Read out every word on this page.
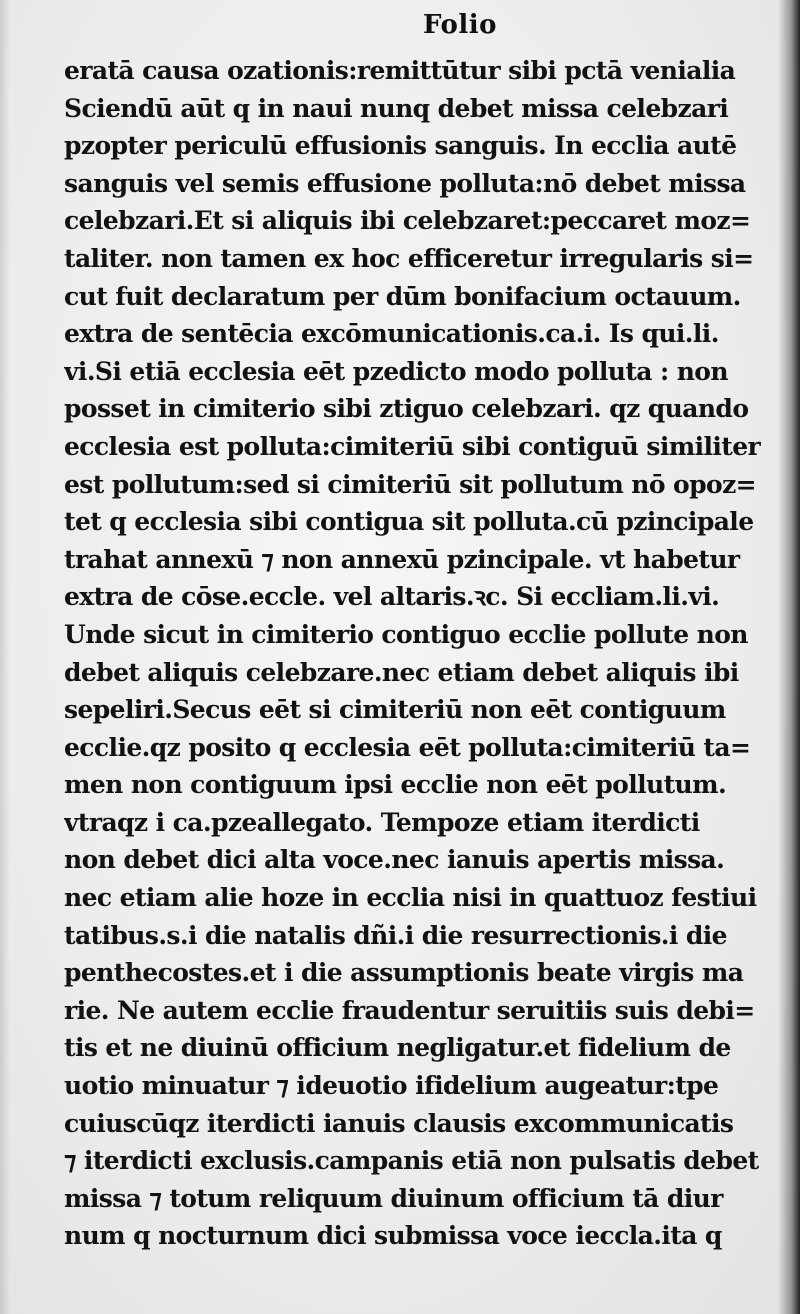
Folio
eratā causa ozationis:remittūtur sibi pctā venialia
Sciendū aūt q in naui nunq debet missa celebzari
pzopter periculū effusionis sanguis. In ecclia autē
sanguis vel semis effusione polluta:nō debet missa
celebzari.Et si aliquis ibi celebzaret:peccaret moz=
taliter. non tamen ex hoc efficeretur irregularis si=
cut fuit declaratum per dūm bonifacium octauum.
extra de sentēcia excōmunicationis.ca.i. Is qui.li.
vi.Si etiā ecclesia eēt pzedicto modo polluta : non
posset in cimiterio sibi ztiguo celebzari. qz quando
ecclesia est polluta:cimiteriū sibi contiguū similiter
est pollutum:sed si cimiteriū sit pollutum nō opoz=
tet q ecclesia sibi contigua sit polluta.cū pzincipale
trahat annexū ⁊ non annexū pzincipale. vt habetur
extra de cōse.eccle. vel altaris.ꝛc. Si eccliam.li.vi.
Unde sicut in cimiterio contiguo ecclie pollute non
debet aliquis celebzare.nec etiam debet aliquis ibi
sepeliri.Secus eēt si cimiteriū non eēt contiguum
ecclie.qz posito q ecclesia eēt polluta:cimiteriū ta=
men non contiguum ipsi ecclie non eēt pollutum.
vtraqz i ca.pzeallegato. Tempoze etiam iterdicti
non debet dici alta voce.nec ianuis apertis missa.
nec etiam alie hoze in ecclia nisi in quattuoz festiui
tatibus.s.i die natalis dñi.i die resurrectionis.i die
penthecostes.et i die assumptionis beate virgis ma
rie. Ne autem ecclie fraudentur seruitiis suis debi=
tis et ne diuinū officium negligatur.et fidelium de
uotio minuatur ⁊ ideuotio ifidelium augeatur:tpe
cuiuscūqz iterdicti ianuis clausis excommunicatis
⁊ iterdicti exclusis.campanis etiā non pulsatis debet
missa ⁊ totum reliquum diuinum officium tā diur
num q nocturnum dici submissa voce ieccla.ita q
